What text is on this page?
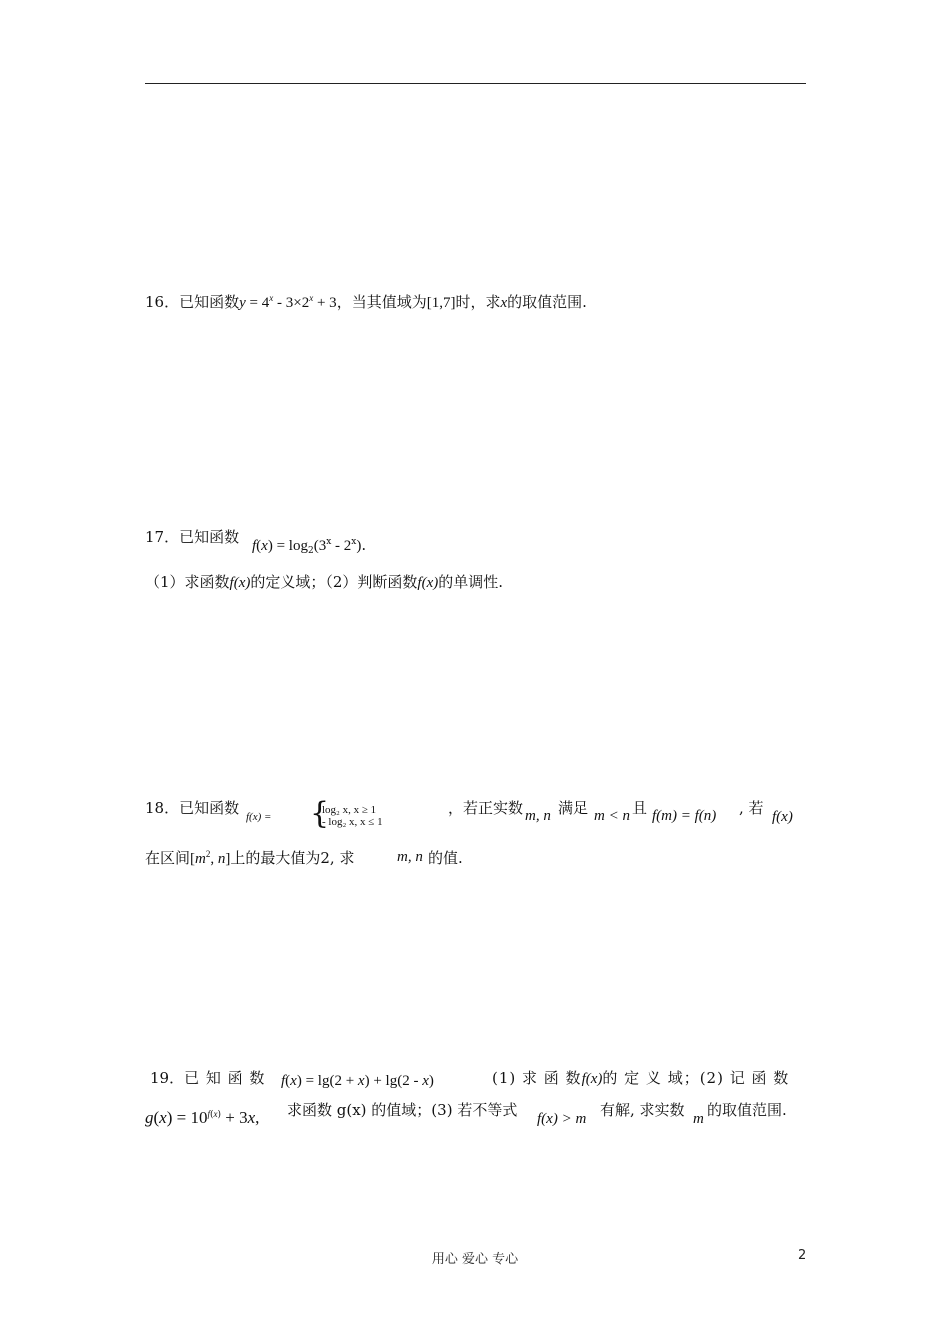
16．已知函数$y = 4^x - 3\times 2^x + 3$，当其值域为[1,7]时，求x的取值范围.
17．已知函数 $f(x) = \log_2(3^x - 2^x)$.
（1）求函数f(x)的定义域；（2）判断函数f(x)的单调性.
18．已知函数 f(x) = {
log₂ x, x ≥ 1
- log₂ x, x ≤ 1
，若正实数 m, n 满足 m < n 且 f(m) = f(n) , 若 f(x)
在区间[$m^2$, n]上的最大值为2, 求	m, n 的值.
19．已 知 函 数 f(x) = lg(2 + x) + lg(2 - x)	(1) 求 函 数f(x)的 定 义 域；(2) 记 函 数
$g(x) = 10^{f(x)} + 3x$, 求函数 g(x) 的值域；(3) 若不等式 f(x) > m 有解, 求实数 m 的取值范围.
用心 爱心 专心	2
